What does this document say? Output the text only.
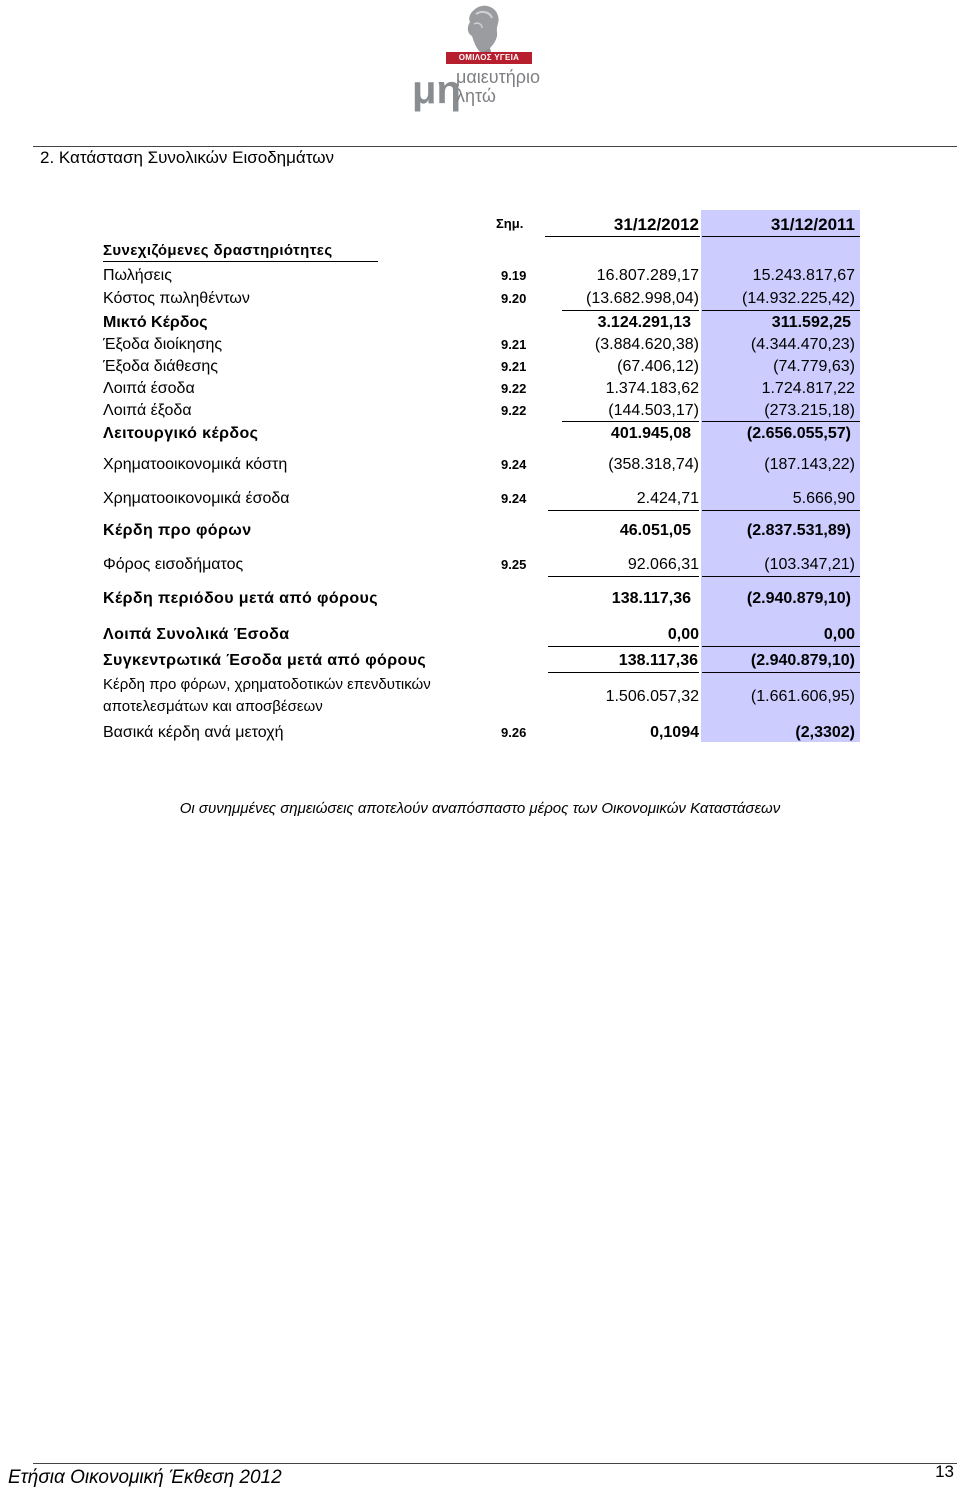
ΟΜΙΛΟΣ ΥΓΕΙΑ
μη
μαιευτήριο
λητώ
2. Κατάσταση Συνολικών Εισοδημάτων
Σημ.	31/12/2012	31/12/2011
Συνεχιζόμενες δραστηριότητες
Πωλήσεις	9.19	16.807.289,17	15.243.817,67
Κόστος πωληθέντων	9.20	(13.682.998,04)	(14.932.225,42)
Μικτό Κέρδος	3.124.291,13	311.592,25
Έξοδα διοίκησης	9.21	(3.884.620,38)	(4.344.470,23)
Έξοδα διάθεσης	9.21	(67.406,12)	(74.779,63)
Λοιπά έσοδα	9.22	1.374.183,62	1.724.817,22
Λοιπά έξοδα	9.22	(144.503,17)	(273.215,18)
Λειτουργικό κέρδος	401.945,08	(2.656.055,57)
Χρηματοοικονομικά κόστη	9.24	(358.318,74)	(187.143,22)
Χρηματοοικονομικά έσοδα	9.24	2.424,71	5.666,90
Κέρδη προ φόρων	46.051,05	(2.837.531,89)
Φόρος εισοδήματος	9.25	92.066,31	(103.347,21)
Κέρδη περιόδου μετά από φόρους	138.117,36	(2.940.879,10)
Λοιπά Συνολικά Έσοδα	0,00	0,00
Συγκεντρωτικά Έσοδα μετά από φόρους	138.117,36	(2.940.879,10)
Κέρδη προ φόρων, χρηματοδοτικών επενδυτικών αποτελεσμάτων και αποσβέσεων
1.506.057,32	(1.661.606,95)
Βασικά κέρδη ανά μετοχή	9.26	0,1094	(2,3302)
Οι συνημμένες σημειώσεις αποτελούν αναπόσπαστο μέρος των Οικονομικών Καταστάσεων
Ετήσια Οικονομική Έκθεση 2012	13
